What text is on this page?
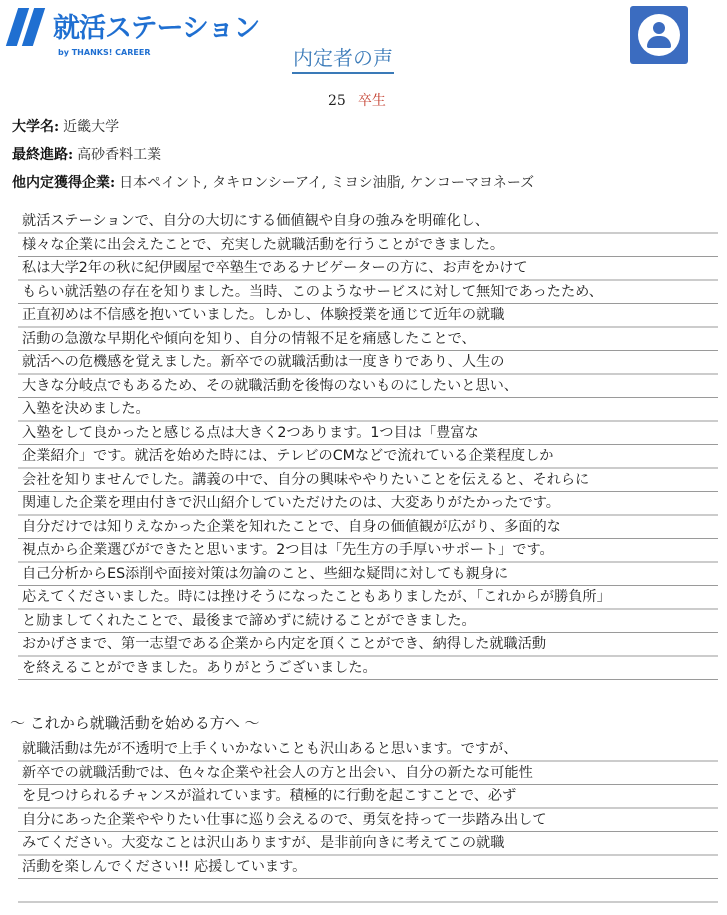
就活ステーション
by THANKS! CAREER	内定者の声
25 卒生
大学名: 近畿大学
最終進路: 高砂香料工業
他内定獲得企業: 日本ペイント, タキロンシーアイ, ミヨシ油脂, ケンコーマヨネーズ
就活ステーションで、自分の大切にする価値観や自身の強みを明確化し、
様々な企業に出会えたことで、充実した就職活動を行うことができました。
私は大学2年の秋に紀伊國屋で卒塾生であるナビゲーターの方に、お声をかけて
もらい就活塾の存在を知りました。当時、このようなサービスに対して無知であったため、
正直初めは不信感を抱いていました。しかし、体験授業を通じて近年の就職
活動の急激な早期化や傾向を知り、自分の情報不足を痛感したことで、
就活への危機感を覚えました。新卒での就職活動は一度きりであり、人生の
大きな分岐点でもあるため、その就職活動を後悔のないものにしたいと思い、
入塾を決めました。
入塾をして良かったと感じる点は大きく2つあります。1つ目は「豊富な
企業紹介」です。就活を始めた時には、テレビのCMなどで流れている企業程度しか
会社を知りませんでした。講義の中で、自分の興味ややりたいことを伝えると、それらに
関連した企業を理由付きで沢山紹介していただけたのは、大変ありがたかったです。
自分だけでは知りえなかった企業を知れたことで、自身の価値観が広がり、多面的な
視点から企業選びができたと思います。2つ目は「先生方の手厚いサポート」です。
自己分析からES添削や面接対策は勿論のこと、些細な疑問に対しても親身に
応えてくださいました。時には挫けそうになったこともありましたが、「これからが勝負所」
と励ましてくれたことで、最後まで諦めずに続けることができました。
おかげさまで、第一志望である企業から内定を頂くことができ、納得した就職活動
を終えることができました。ありがとうございました。
～ これから就職活動を始める方へ ～
就職活動は先が不透明で上手くいかないことも沢山あると思います。ですが、
新卒での就職活動では、色々な企業や社会人の方と出会い、自分の新たな可能性
を見つけられるチャンスが溢れています。積極的に行動を起こすことで、必ず
自分にあった企業ややりたい仕事に巡り会えるので、勇気を持って一歩踏み出して
みてください。大変なことは沢山ありますが、是非前向きに考えてこの就職
活動を楽しんでください!! 応援しています。
